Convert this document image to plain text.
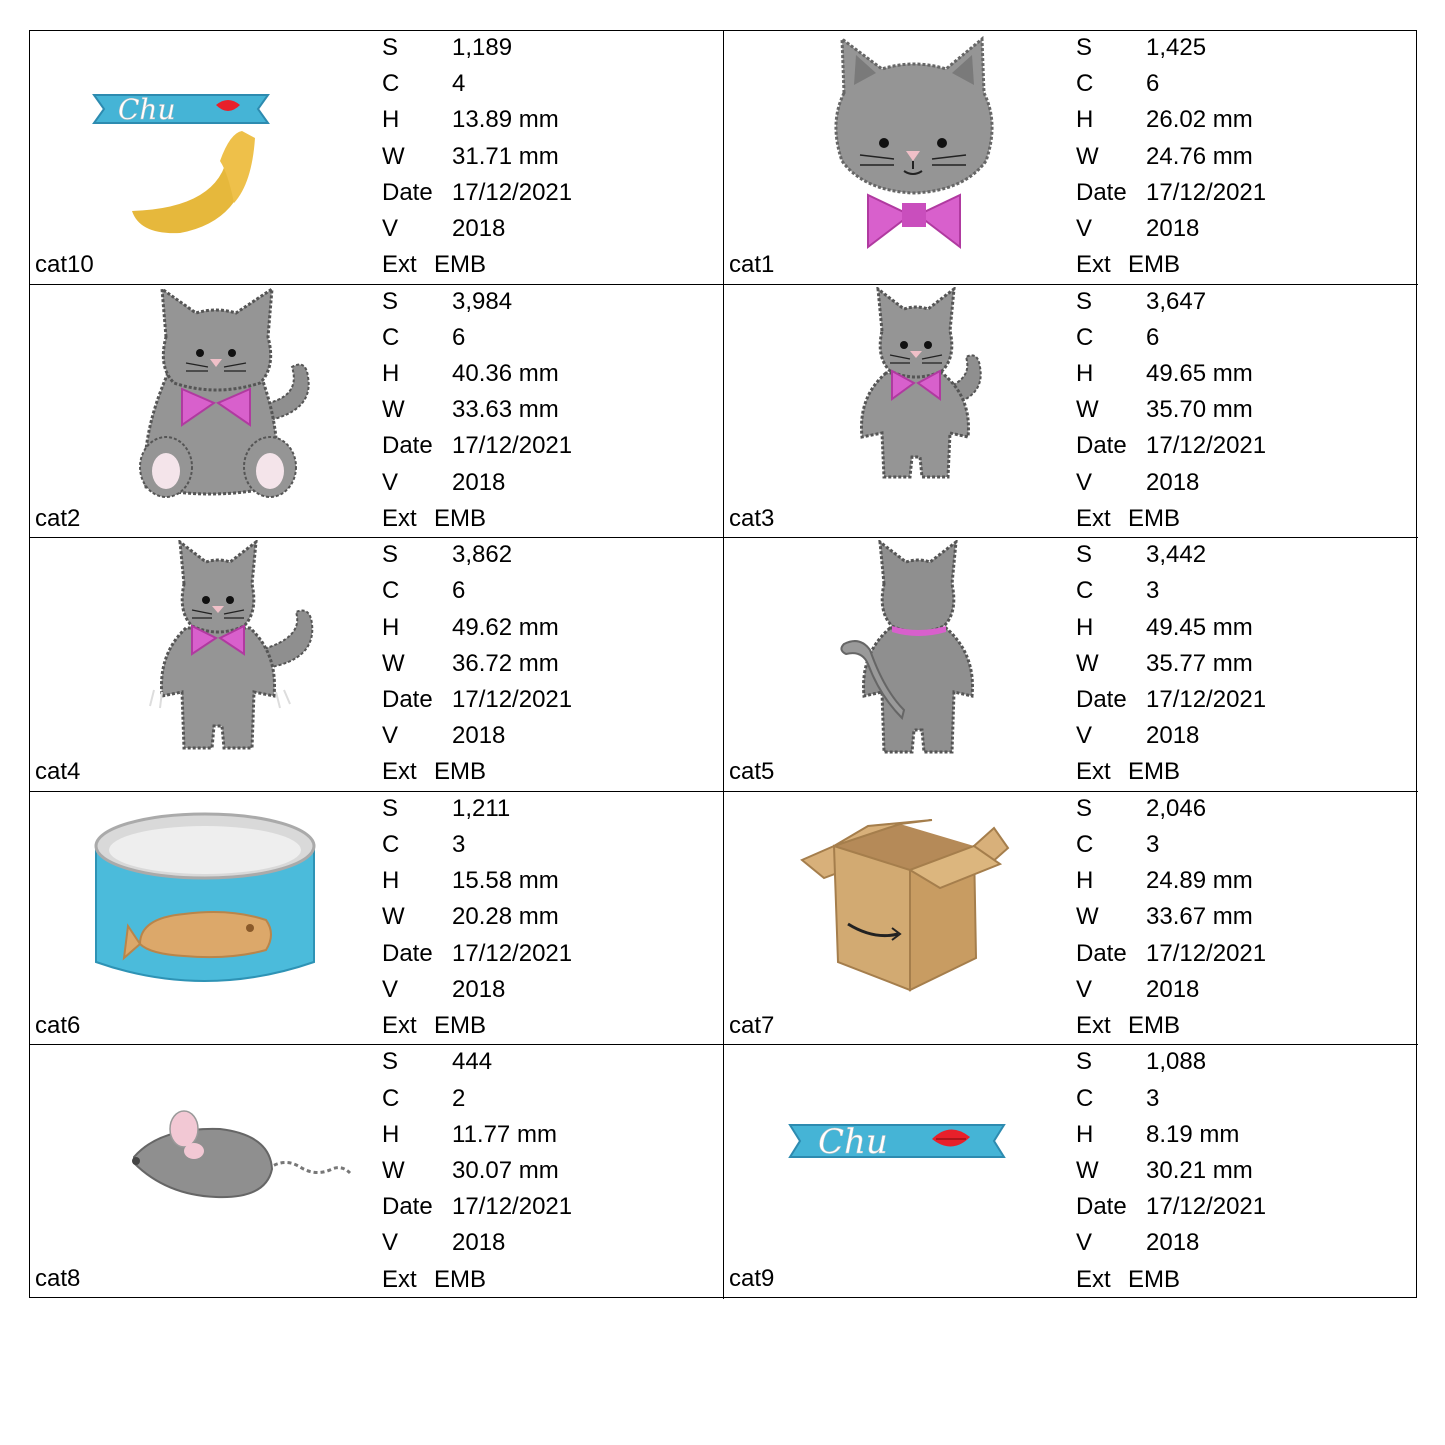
Chu
cat10
S 1,189
C 4
H 13.89 mm
W 31.71 mm
Date 17/12/2021
V 2018
Ext EMB	cat1
S 1,425
C 6
H 26.02 mm
W 24.76 mm
Date 17/12/2021
V 2018
Ext EMB
cat2
S 3,984
C 6
H 40.36 mm
W 33.63 mm
Date 17/12/2021
V 2018
Ext EMB	cat3
S 3,647
C 6
H 49.65 mm
W 35.70 mm
Date 17/12/2021
V 2018
Ext EMB
cat4
S 3,862
C 6
H 49.62 mm
W 36.72 mm
Date 17/12/2021
V 2018
Ext EMB	cat5
S 3,442
C 3
H 49.45 mm
W 35.77 mm
Date 17/12/2021
V 2018
Ext EMB
cat6
S 1,211
C 3
H 15.58 mm
W 20.28 mm
Date 17/12/2021
V 2018
Ext EMB	cat7
S 2,046
C 3
H 24.89 mm
W 33.67 mm
Date 17/12/2021
V 2018
Ext EMB
cat8
S 444
C 2
H 11.77 mm
W 30.07 mm
Date 17/12/2021
V 2018
Ext EMB
Chu
cat9
S 1,088
C 3
H 8.19 mm
W 30.21 mm
Date 17/12/2021
V 2018
Ext EMB
